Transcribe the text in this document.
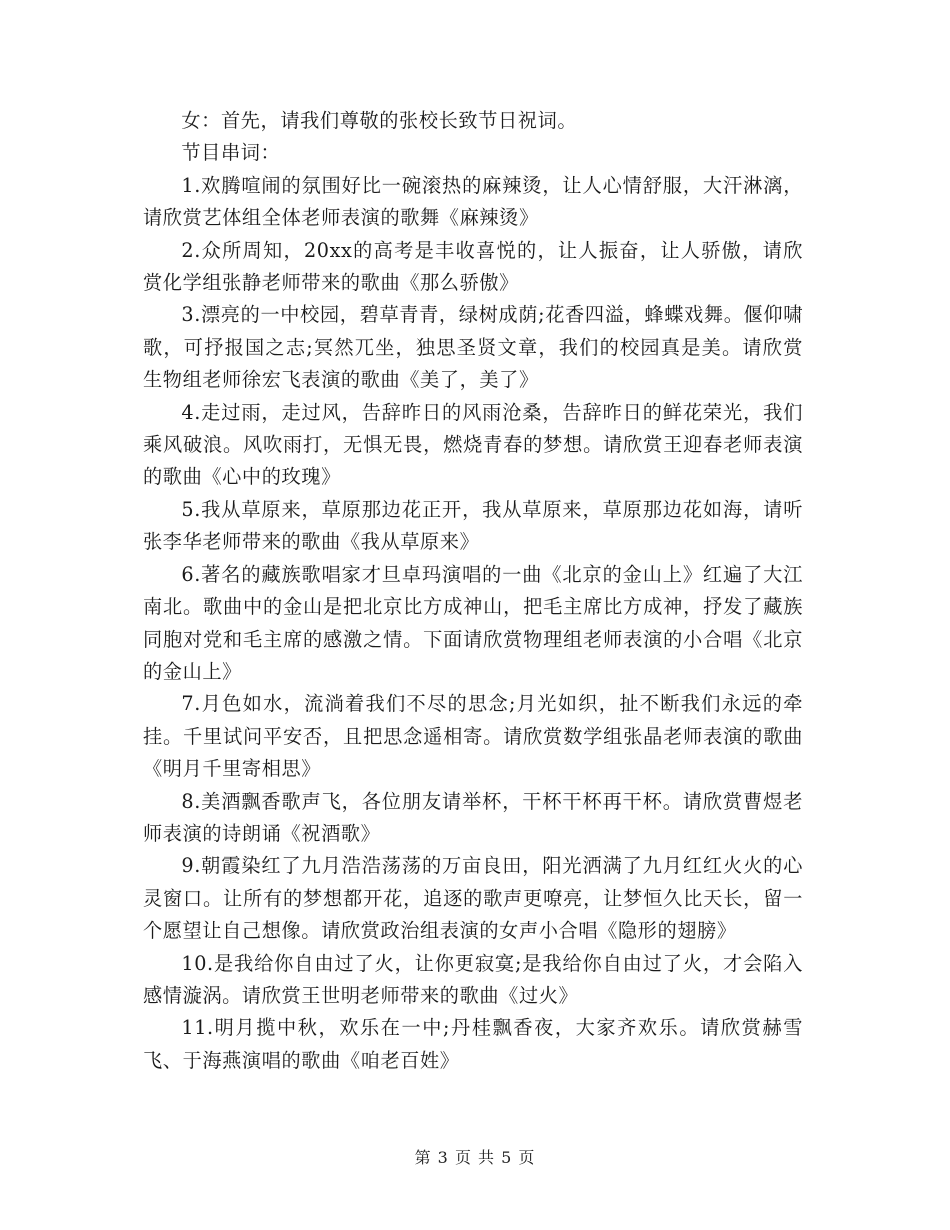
女：首先，请我们尊敬的张校长致节日祝词。

节目串词：

1.欢腾喧闹的氛围好比一碗滚热的麻辣烫，让人心情舒服，大汗淋漓，请欣赏艺体组全体老师表演的歌舞《麻辣烫》

2.众所周知，20xx的高考是丰收喜悦的，让人振奋，让人骄傲，请欣赏化学组张静老师带来的歌曲《那么骄傲》

3.漂亮的一中校园，碧草青青，绿树成荫;花香四溢，蜂蝶戏舞。偃仰啸歌，可抒报国之志;冥然兀坐，独思圣贤文章，我们的校园真是美。请欣赏生物组老师徐宏飞表演的歌曲《美了，美了》

4.走过雨，走过风，告辞昨日的风雨沧桑，告辞昨日的鲜花荣光，我们乘风破浪。风吹雨打，无惧无畏，燃烧青春的梦想。请欣赏王迎春老师表演的歌曲《心中的玫瑰》

5.我从草原来，草原那边花正开，我从草原来，草原那边花如海，请听张李华老师带来的歌曲《我从草原来》

6.著名的藏族歌唱家才旦卓玛演唱的一曲《北京的金山上》红遍了大江南北。歌曲中的金山是把北京比方成神山，把毛主席比方成神，抒发了藏族同胞对党和毛主席的感激之情。下面请欣赏物理组老师表演的小合唱《北京的金山上》

7.月色如水，流淌着我们不尽的思念;月光如织，扯不断我们永远的牵挂。千里试问平安否，且把思念遥相寄。请欣赏数学组张晶老师表演的歌曲《明月千里寄相思》

8.美酒飘香歌声飞，各位朋友请举杯，干杯干杯再干杯。请欣赏曹煜老师表演的诗朗诵《祝酒歌》

9.朝霞染红了九月浩浩荡荡的万亩良田，阳光洒满了九月红红火火的心灵窗口。让所有的梦想都开花，追逐的歌声更嘹亮，让梦恒久比天长，留一个愿望让自己想像。请欣赏政治组表演的女声小合唱《隐形的翅膀》

10.是我给你自由过了火，让你更寂寞;是我给你自由过了火，才会陷入感情漩涡。请欣赏王世明老师带来的歌曲《过火》

11.明月揽中秋，欢乐在一中;丹桂飘香夜，大家齐欢乐。请欣赏赫雪飞、于海燕演唱的歌曲《咱老百姓》

第 3 页 共 5 页
